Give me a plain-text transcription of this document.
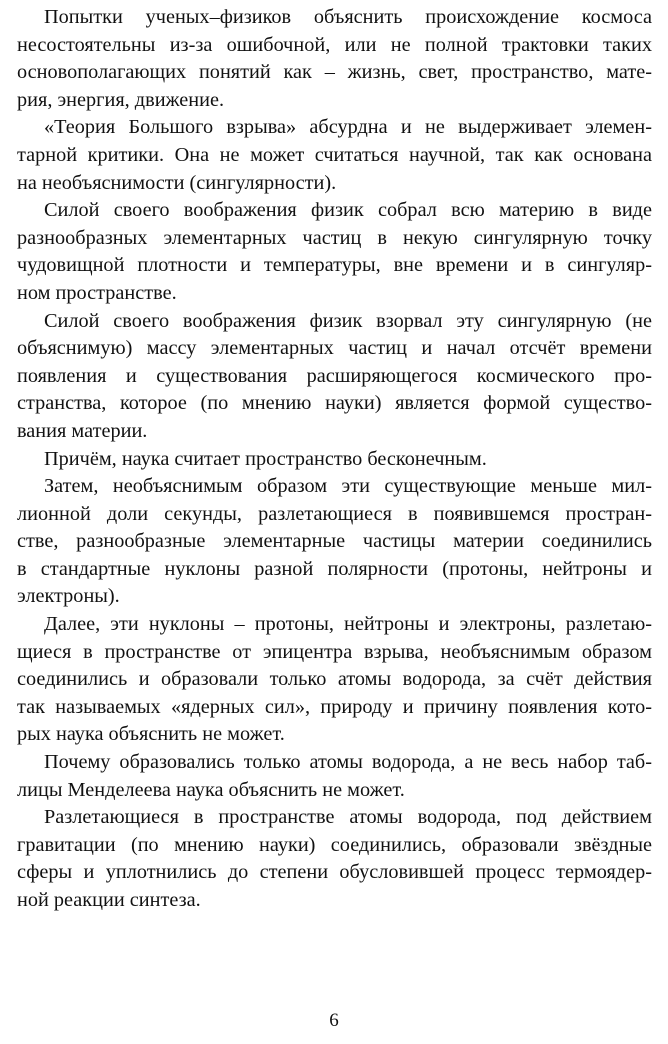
Попытки ученых–физиков объяснить происхождение космоса
несостоятельны из-за ошибочной, или не полной трактовки таких
основополагающих понятий как – жизнь, свет, пространство, мате-
рия, энергия, движение.

«Теория Большого взрыва» абсурдна и не выдерживает элемен-
тарной критики. Она не может считаться научной, так как основана
на необъяснимости (сингулярности).

Силой своего воображения физик собрал всю материю в виде
разнообразных элементарных частиц в некую сингулярную точку
чудовищной плотности и температуры, вне времени и в сингуляр-
ном пространстве.

Силой своего воображения физик взорвал эту сингулярную (не
объяснимую) массу элементарных частиц и начал отсчёт времени
появления и существования расширяющегося космического про-
странства, которое (по мнению науки) является формой существо-
вания материи.

Причём, наука считает пространство бесконечным.

Затем, необъяснимым образом эти существующие меньше мил-
лионной доли секунды, разлетающиеся в появившемся простран-
стве, разнообразные элементарные частицы материи соединились
в стандартные нуклоны разной полярности (протоны, нейтроны и
электроны).

Далее, эти нуклоны – протоны, нейтроны и электроны, разлетаю-
щиеся в пространстве от эпицентра взрыва, необъяснимым образом
соединились и образовали только атомы водорода, за счёт действия
так называемых «ядерных сил», природу и причину появления кото-
рых наука объяснить не может.

Почему образовались только атомы водорода, а не весь набор таб-
лицы Менделеева наука объяснить не может.

Разлетающиеся в пространстве атомы водорода, под действием
гравитации (по мнению науки) соединились, образовали звёздные
сферы и уплотнились до степени обусловившей процесс термоядер-
ной реакции синтеза.

6
